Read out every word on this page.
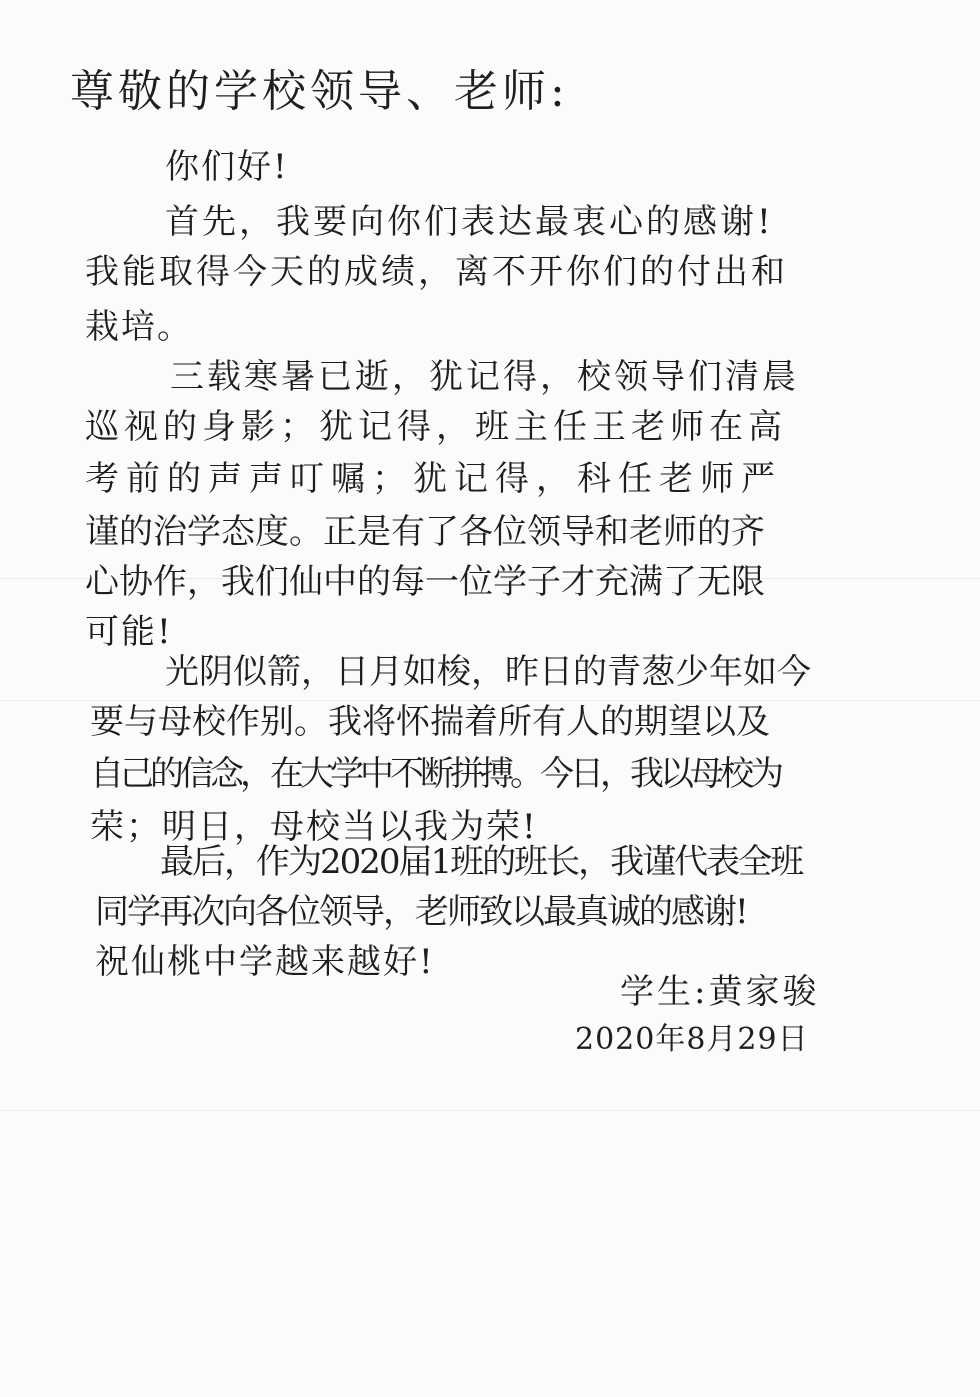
尊敬的学校领导、老师:
你们好!
首先，我要向你们表达最衷心的感谢!
我能取得今天的成绩，离不开你们的付出和
栽培。
三载寒暑已逝，犹记得，校领导们清晨
巡视的身影；犹记得，班主任王老师在高
考前的声声叮嘱；犹记得，科任老师严
谨的治学态度。正是有了各位领导和老师的齐
心协作，我们仙中的每一位学子才充满了无限
可能!
光阴似箭，日月如梭，昨日的青葱少年如今
要与母校作别。我将怀揣着所有人的期望以及
自己的信念，在大学中不断拼搏。今日，我以母校为
荣；明日，母校当以我为荣!
最后，作为2020届1班的班长，我谨代表全班
同学再次向各位领导，老师致以最真诚的感谢!
祝仙桃中学越来越好!
学生:黄家骏
2020年8月29日
